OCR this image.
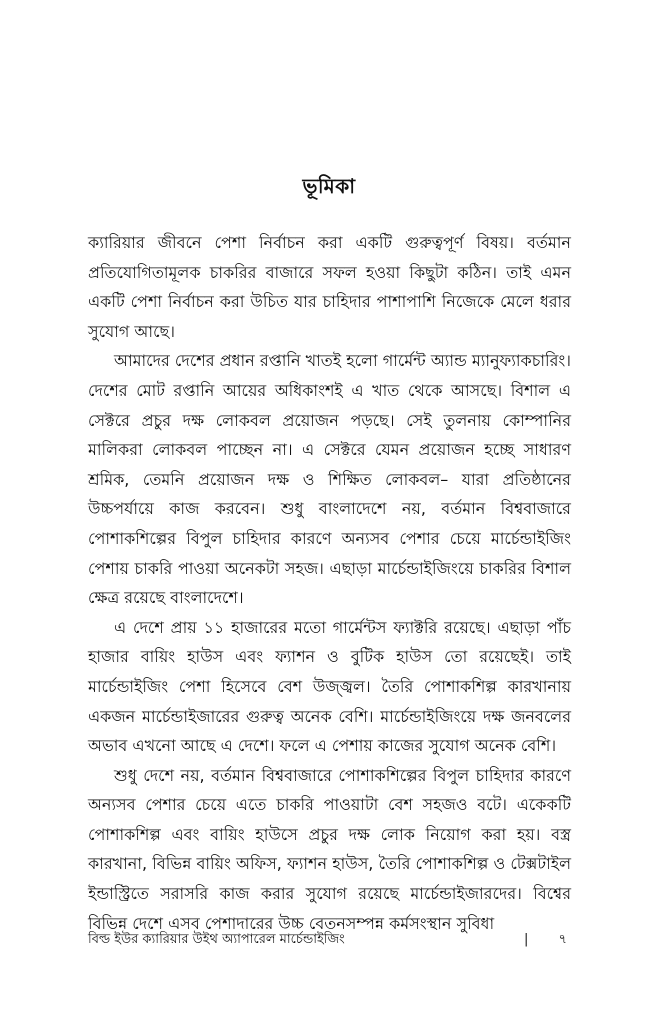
ভূমিকা

ক্যারিয়ার জীবনে পেশা নির্বাচন করা একটি গুরুত্বপূর্ণ বিষয়। বর্তমান প্রতিযোগিতামূলক চাকরির বাজারে সফল হওয়া কিছুটা কঠিন। তাই এমন একটি পেশা নির্বাচন করা উচিত যার চাহিদার পাশাপাশি নিজেকে মেলে ধরার সুযোগ আছে।

আমাদের দেশের প্রধান রপ্তানি খাতই হলো গার্মেন্ট অ্যান্ড ম্যানুফ্যাকচারিং। দেশের মোট রপ্তানি আয়ের অধিকাংশই এ খাত থেকে আসছে। বিশাল এ সেক্টরে প্রচুর দক্ষ লোকবল প্রয়োজন পড়ছে। সেই তুলনায় কোম্পানির মালিকরা লোকবল পাচ্ছেন না। এ সেক্টরে যেমন প্রয়োজন হচ্ছে সাধারণ শ্রমিক, তেমনি প্রয়োজন দক্ষ ও শিক্ষিত লোকবল– যারা প্রতিষ্ঠানের উচ্চপর্যায়ে কাজ করবেন। শুধু বাংলাদেশে নয়, বর্তমান বিশ্ববাজারে পোশাকশিল্পের বিপুল চাহিদার কারণে অন্যসব পেশার চেয়ে মার্চেন্ডাইজিং পেশায় চাকরি পাওয়া অনেকটা সহজ। এছাড়া মার্চেন্ডাইজিংয়ে চাকরির বিশাল ক্ষেত্র রয়েছে বাংলাদেশে।

এ দেশে প্রায় ১১ হাজারের মতো গার্মেন্টস ফ্যাক্টরি রয়েছে। এছাড়া পাঁচ হাজার বায়িং হাউস এবং ফ্যাশন ও বুটিক হাউস তো রয়েছেই। তাই মার্চেন্ডাইজিং পেশা হিসেবে বেশ উজ্জ্বল। তৈরি পোশাকশিল্প কারখানায় একজন মার্চেন্ডাইজারের গুরুত্ব অনেক বেশি। মার্চেন্ডাইজিংয়ে দক্ষ জনবলের অভাব এখনো আছে এ দেশে। ফলে এ পেশায় কাজের সুযোগ অনেক বেশি।

শুধু দেশে নয়, বর্তমান বিশ্ববাজারে পোশাকশিল্পের বিপুল চাহিদার কারণে অন্যসব পেশার চেয়ে এতে চাকরি পাওয়াটা বেশ সহজও বটে। একেকটি পোশাকশিল্প এবং বায়িং হাউসে প্রচুর দক্ষ লোক নিয়োগ করা হয়। বস্ত্র কারখানা, বিভিন্ন বায়িং অফিস, ফ্যাশন হাউস, তৈরি পোশাকশিল্প ও টেক্সটাইল ইন্ডাস্ট্রিতে সরাসরি কাজ করার সুযোগ রয়েছে মার্চেন্ডাইজারদের। বিশ্বের বিভিন্ন দেশে এসব পেশাদারের উচ্চ বেতনসম্পন্ন কর্মসংস্থান সুবিধা

বিল্ড ইউর ক্যারিয়ার উইথ অ্যাপারেল মার্চেন্ডাইজিং	| ৭
